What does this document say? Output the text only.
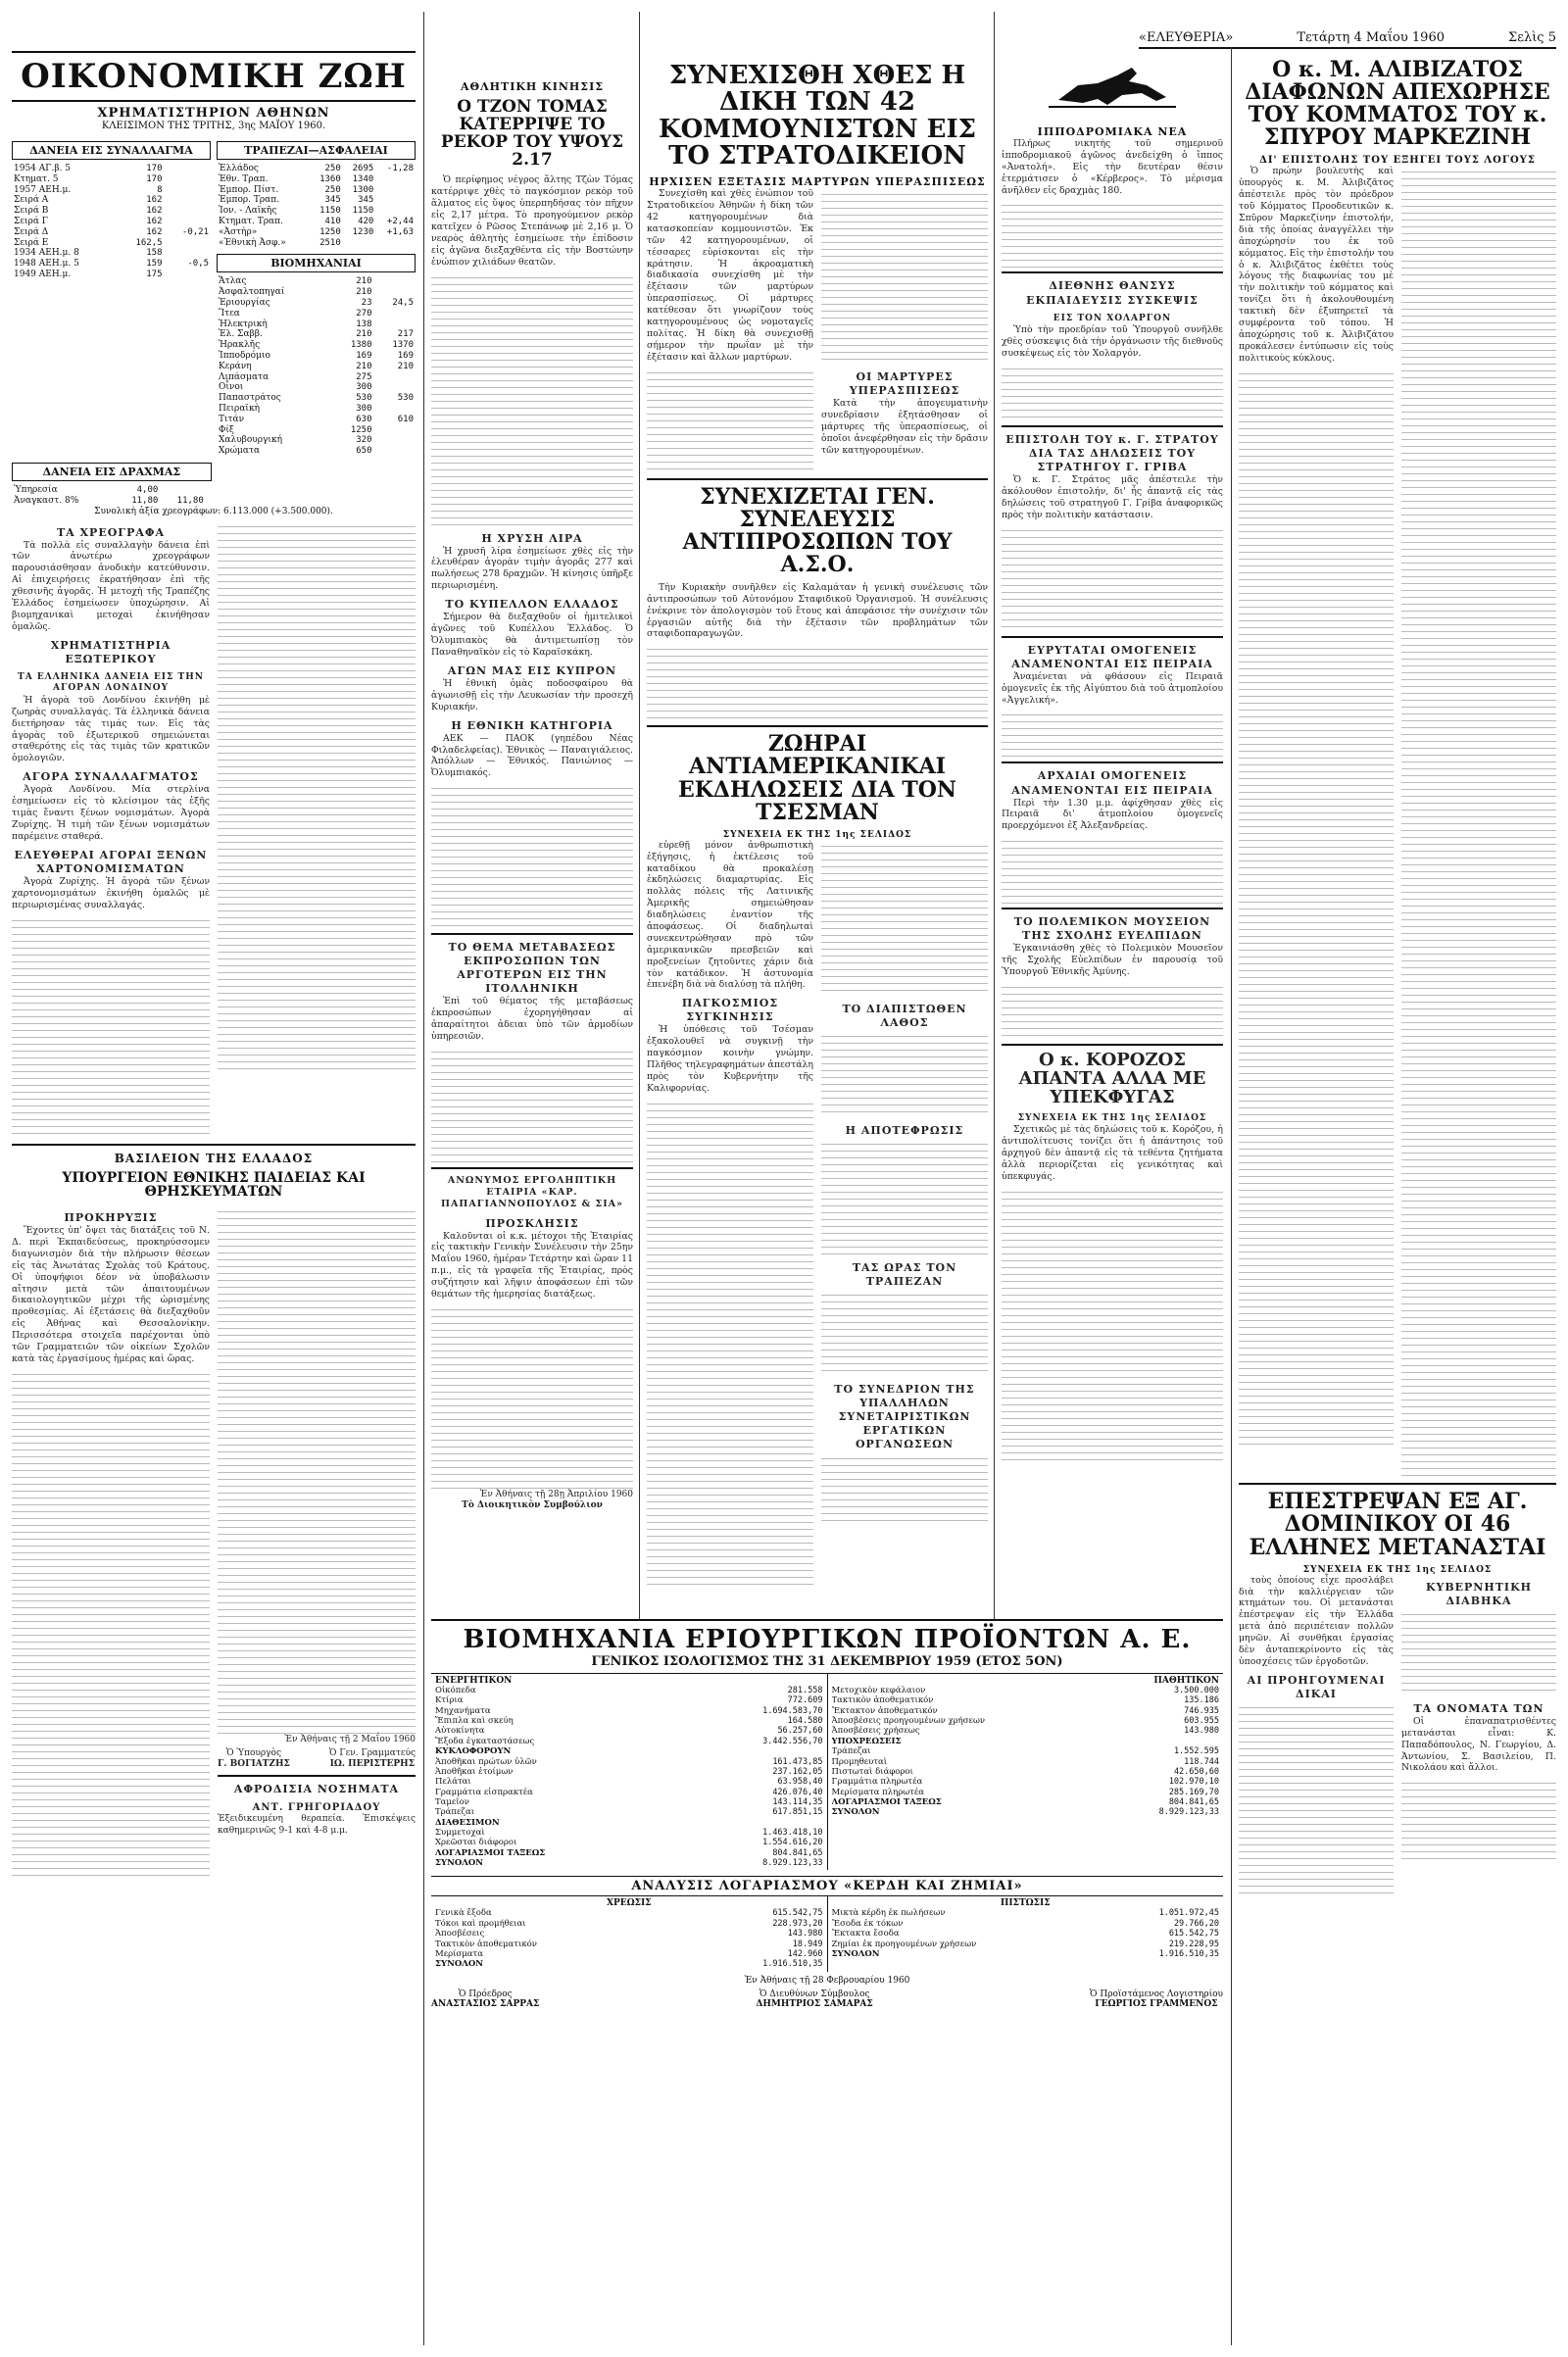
«ΕΛΕΥΘΕΡΙΑ»	Τετάρτη 4 Μαΐου 1960	Σελὶς 5
ΟΙΚΟΝΟΜΙΚΗ ΖΩΗ
ΧΡΗΜΑΤΙΣΤΗΡΙΟΝ ΑΘΗΝΩΝ
ΚΛΕΙΣΙΜΟΝ ΤΗΣ ΤΡΙΤΗΣ, 3ης ΜΑΪΟΥ 1960.
ΔΑΝΕΙΑ ΕΙΣ ΣΥΝΑΛΛΑΓΜΑ
1954 ΑΓ.β. 5	170	
Κτηματ. 5	170	
1957 ΑΕΗ.μ.	8	
Σειρά Α	162	
Σειρά Β	162	
Σειρά Γ	162	
Σειρά Δ	162	-0,21
Σειρά Ε	162,5	
1934 ΑΕΗ.μ. 8	158	
1948 ΑΕΗ.μ. 5	159	-0,5
1949 ΑΕΗ.μ.	175	
ΤΡΑΠΕΖΑΙ—ΑΣΦΑΛΕΙΑΙ
Ἑλλάδος	250	2695	-1,28
Ἐθν. Τραπ.	1360	1340	
Ἐμπορ. Πίστ.	250	1300	
Ἐμπορ. Τραπ.	345	345	
Ἰον. - Λαϊκῆς	1150	1150	
Κτηματ. Τραπ.	410	420	+2,44
«Ἀστὴρ»	1250	1230	+1,63
«Ἐθνικὴ Ἀσφ.»	2510		
ΒΙΟΜΗΧΑΝΙΑΙ
Ἄτλας	210	
Ἀσφαλτοπηγαί	210	
Ἐριουργίας	23	24,5
Ἴτεα	270	
Ἡλεκτρικὴ	138	
Ἐλ. Σαββ.	210	217
Ἠρακλῆς	1380	1370
Ἰπποδρόμιο	169	169
Κεράνη	210	210
Λιπάσματα	275	
Οἶνοι	300	
Παπαστράτος	530	530
Πειραϊκὴ	300	
Τιτάν	630	610
Φίξ	1250	
Χαλυβουργική	320	
Χρώματα	650	
ΔΑΝΕΙΑ ΕΙΣ ΔΡΑΧΜΑΣ
Ὑπηρεσία	4,00	
Ἀναγκαστ. 8%	11,80	11,80
Συνολικὴ ἀξία χρεογράφων: 6.113.000 (+3.500.000).
ΤΑ ΧΡΕΟΓΡΑΦΑ

Τὰ πολλὰ εἰς συναλλαγὴν δάνεια ἐπὶ τῶν ἀνωτέρω χρεογράφων παρουσιάσθησαν ἀνοδικὴν κατεύθυνσιν. Αἱ ἐπιχειρήσεις ἐκρατήθησαν ἐπὶ τῆς χθεσινῆς ἀγορᾶς. Ἡ μετοχὴ τῆς Τραπέζης Ἑλλάδος ἐσημείωσεν ὑποχώρησιν. Αἱ βιομηχανικαὶ μετοχαὶ ἐκινήθησαν ὁμαλῶς.

ΧΡΗΜΑΤΙΣΤΗΡΙΑ ΕΞΩΤΕΡΙΚΟΥ
ΤΑ ΕΛΛΗΝΙΚΑ ΔΑΝΕΙΑ ΕΙΣ ΤΗΝ ΑΓΟΡΑΝ ΛΟΝΔΙΝΟΥ

Ἡ ἀγορὰ τοῦ Λονδίνου ἐκινήθη μὲ ζωηρὰς συναλλαγάς. Τὰ ἑλληνικὰ δάνεια διετήρησαν τὰς τιμάς των. Εἰς τὰς ἀγορὰς τοῦ ἐξωτερικοῦ σημειώνεται σταθερότης εἰς τὰς τιμὰς τῶν κρατικῶν ὁμολογιῶν.

ΑΓΟΡΑ ΣΥΝΑΛΛΑΓΜΑΤΟΣ

Ἀγορὰ Λονδίνου. Μία στερλίνα ἐσημείωσεν εἰς τὸ κλείσιμον τὰς ἑξῆς τιμὰς ἔναντι ξένων νομισμάτων. Ἀγορὰ Ζυρίχης. Ἡ τιμὴ τῶν ξένων νομισμάτων παρέμεινε σταθερά.

ΕΛΕΥΘΕΡΑΙ ΑΓΟΡΑΙ ΞΕΝΩΝ ΧΑΡΤΟΝΟΜΙΣΜΑΤΩΝ

Ἀγορὰ Ζυρίχης. Ἡ ἀγορὰ τῶν ξένων χαρτονομισμάτων ἐκινήθη ὁμαλῶς μὲ περιωρισμένας συναλλαγάς.

ΒΑΣΙΛΕΙΟΝ ΤΗΣ ΕΛΛΑΔΟΣ
ΥΠΟΥΡΓΕΙΟΝ ΕΘΝΙΚΗΣ ΠΑΙΔΕΙΑΣ ΚΑΙ ΘΡΗΣΚΕΥΜΑΤΩΝ
ΠΡΟΚΗΡΥΞΙΣ

Ἔχοντες ὑπ' ὄψει τὰς διατάξεις τοῦ Ν. Δ. περὶ Ἐκπαιδεύσεως, προκηρύσσομεν διαγωνισμὸν διὰ τὴν πλήρωσιν θέσεων εἰς τὰς Ἀνωτάτας Σχολὰς τοῦ Κράτους. Οἱ ὑποψήφιοι δέον νὰ ὑποβάλωσιν αἴτησιν μετὰ τῶν ἀπαιτουμένων δικαιολογητικῶν μέχρι τῆς ὡρισμένης προθεσμίας. Αἱ ἐξετάσεις θὰ διεξαχθοῦν εἰς Ἀθήνας καὶ Θεσσαλονίκην. Περισσότερα στοιχεῖα παρέχονται ὑπὸ τῶν Γραμματειῶν τῶν οἰκείων Σχολῶν κατὰ τὰς ἐργασίμους ἡμέρας καὶ ὥρας.

Ἐν Ἀθήναις τῇ 2 Μαΐου 1960
Ὁ Ὑπουργὸς
Γ. ΒΟΓΙΑΤΖΗΣ
Ὁ Γεν. Γραμματεύς
ΙΩ. ΠΕΡΙΣΤΕΡΗΣ
ΑΦΡΟΔΙΣΙΑ ΝΟΣΗΜΑΤΑ
ΑΝΤ. ΓΡΗΓΟΡΙΑΔΟΥ

Ἐξειδικευμένη θεραπεία. Ἐπισκέψεις καθημερινῶς 9-1 καὶ 4-8 μ.μ.

ΑΘΛΗΤΙΚΗ ΚΙΝΗΣΙΣ
Ο ΤΖΟΝ ΤΟΜΑΣ ΚΑΤΕΡΡΙΨΕ ΤΟ ΡΕΚΟΡ ΤΟΥ ΥΨΟΥΣ 2.17

Ὁ περίφημος νέγρος ἅλτης Τζὼν Τόμας κατέρριψε χθὲς τὸ παγκόσμιον ρεκὸρ τοῦ ἅλματος εἰς ὕψος ὑπερπηδήσας τὸν πῆχυν εἰς 2,17 μέτρα. Τὸ προηγούμενον ρεκὸρ κατεῖχεν ὁ Ρῶσος Στεπάνωφ μὲ 2,16 μ. Ὁ νεαρὸς ἀθλητὴς ἐσημείωσε τὴν ἐπίδοσιν εἰς ἀγῶνα διεξαχθέντα εἰς τὴν Βοστώνην ἐνώπιον χιλιάδων θεατῶν.

Η ΧΡΥΣΗ ΛΙΡΑ

Ἡ χρυσῆ λίρα ἐσημείωσε χθὲς εἰς τὴν ἐλευθέραν ἀγορὰν τιμὴν ἀγορᾶς 277 καὶ πωλήσεως 278 δραχμῶν. Ἡ κίνησις ὑπῆρξε περιωρισμένη.

ΤΟ ΚΥΠΕΛΛΟΝ ΕΛΛΑΔΟΣ

Σήμερον θὰ διεξαχθοῦν οἱ ἡμιτελικοὶ ἀγῶνες τοῦ Κυπέλλου Ἑλλάδος. Ὁ Ὀλυμπιακὸς θὰ ἀντιμετωπίσῃ τὸν Παναθηναϊκὸν εἰς τὸ Καραϊσκάκη.

ΑΓΩΝ ΜΑΣ ΕΙΣ ΚΥΠΡΟΝ

Ἡ ἐθνικὴ ὁμὰς ποδοσφαίρου θὰ ἀγωνισθῇ εἰς τὴν Λευκωσίαν τὴν προσεχῆ Κυριακήν.

Η ΕΘΝΙΚΗ ΚΑΤΗΓΟΡΙΑ

ΑΕΚ — ΠΑΟΚ (γηπέδου Νέας Φιλαδελφείας). Ἐθνικὸς — Παναιγιάλειος. Ἀπόλλων — Ἐθνικός. Πανιώνιος — Ὀλυμπιακός.

ΤΟ ΘΕΜΑ ΜΕΤΑΒΑΣΕΩΣ ΕΚΠΡΟΣΩΠΩΝ ΤΩΝ ΑΡΓΟΤΕΡΩΝ ΕΙΣ ΤΗΝ ΙΤΟΛΛΗΝΙΚΗ

Ἐπὶ τοῦ θέματος τῆς μεταβάσεως ἐκπροσώπων ἐχορηγήθησαν αἱ ἀπαραίτητοι ἀδειαι ὑπὸ τῶν ἁρμοδίων ὑπηρεσιῶν.

ΑΝΩΝΥΜΟΣ ΕΡΓΟΛΗΠΤΙΚΗ ΕΤΑΙΡΙΑ «ΚΑΡ. ΠΑΠΑΓΙΑΝΝΟΠΟΥΛΟΣ & ΣΙΑ»
ΠΡΟΣΚΛΗΣΙΣ

Καλοῦνται οἱ κ.κ. μέτοχοι τῆς Ἑταιρίας εἰς τακτικὴν Γενικὴν Συνέλευσιν τὴν 25ην Μαΐου 1960, ἡμέραν Τετάρτην καὶ ὥραν 11 π.μ., εἰς τὰ γραφεῖα τῆς Ἑταιρίας, πρὸς συζήτησιν καὶ λῆψιν ἀποφάσεων ἐπὶ τῶν θεμάτων τῆς ἡμερησίας διατάξεως.

Ἐν Ἀθήναις τῇ 28ῃ Ἀπριλίου 1960
Τὸ Διοικητικὸν Συμβούλιον
ΣΥΝΕΧΙΣΘΗ ΧΘΕΣ Η ΔΙΚΗ ΤΩΝ 42 ΚΟΜΜΟΥΝΙΣΤΩΝ ΕΙΣ ΤΟ ΣΤΡΑΤΟΔΙΚΕΙΟΝ
ΗΡΧΙΣΕΝ ΕΞΕΤΑΣΙΣ ΜΑΡΤΥΡΩΝ ΥΠΕΡΑΣΠΙΣΕΩΣ

Συνεχίσθη καὶ χθὲς ἐνώπιον τοῦ Στρατοδικείου Ἀθηνῶν ἡ δίκη τῶν 42 κατηγορουμένων διὰ κατασκοπείαν κομμουνιστῶν. Ἐκ τῶν 42 κατηγορουμένων, οἱ τέσσαρες εὑρίσκονται εἰς τὴν κράτησιν. Ἡ ἀκροαματικὴ διαδικασία συνεχίσθη μὲ τὴν ἐξέτασιν τῶν μαρτύρων ὑπερασπίσεως. Οἱ μάρτυρες κατέθεσαν ὅτι γνωρίζουν τοὺς κατηγορουμένους ὡς νομοταγεῖς πολίτας. Ἡ δίκη θὰ συνεχισθῇ σήμερον τὴν πρωΐαν μὲ τὴν ἐξέτασιν καὶ ἄλλων μαρτύρων.

ΟΙ ΜΑΡΤΥΡΕΣ ΥΠΕΡΑΣΠΙΣΕΩΣ

Κατὰ τὴν ἀπογευματινὴν συνεδρίασιν ἐξητάσθησαν οἱ μάρτυρες τῆς ὑπερασπίσεως, οἱ ὁποῖοι ἀνεφέρθησαν εἰς τὴν δρᾶσιν τῶν κατηγορουμένων.

ΣΥΝΕΧΙΖΕΤΑΙ ΓΕΝ. ΣΥΝΕΛΕΥΣΙΣ ΑΝΤΙΠΡΟΣΩΠΩΝ ΤΟΥ Α.Σ.Ο.

Τὴν Κυριακὴν συνῆλθεν εἰς Καλαμάταν ἡ γενικὴ συνέλευσις τῶν ἀντιπροσώπων τοῦ Αὐτονόμου Σταφιδικοῦ Ὀργανισμοῦ. Ἡ συνέλευσις ἐνέκρινε τὸν ἀπολογισμὸν τοῦ ἔτους καὶ ἀπεφάσισε τὴν συνέχισιν τῶν ἐργασιῶν αὐτῆς διὰ τὴν ἐξέτασιν τῶν προβλημάτων τῶν σταφιδοπαραγωγῶν.

ΖΩΗΡΑΙ ΑΝΤΙΑΜΕΡΙΚΑΝΙΚΑΙ ΕΚΔΗΛΩΣΕΙΣ ΔΙΑ ΤΟΝ ΤΣΕΣΜΑΝ
ΣΥΝΕΧΕΙΑ ΕΚ ΤΗΣ 1ης ΣΕΛΙΔΟΣ

εὑρεθῇ μόνον ἀνθρωπιστικὴ ἐξήγησις, ἡ ἐκτέλεσις τοῦ καταδίκου θὰ προκαλέσῃ ἐκδηλώσεις διαμαρτυρίας. Εἰς πολλὰς πόλεις τῆς Λατινικῆς Ἀμερικῆς σημειώθησαν διαδηλώσεις ἐναντίον τῆς ἀποφάσεως. Οἱ διαδηλωταὶ συνεκεντρώθησαν πρὸ τῶν ἀμερικανικῶν πρεσβειῶν καὶ προξενείων ζητοῦντες χάριν διὰ τὸν κατάδικον. Ἡ ἀστυνομία ἐπενέβη διὰ νὰ διαλύσῃ τὰ πλήθη.

ΠΑΓΚΟΣΜΙΟΣ ΣΥΓΚΙΝΗΣΙΣ

Ἡ ὑπόθεσις τοῦ Τσέσμαν ἐξακολουθεῖ νὰ συγκινῇ τὴν παγκόσμιον κοινὴν γνώμην. Πλῆθος τηλεγραφημάτων ἀπεστάλη πρὸς τὸν Κυβερνήτην τῆς Καλιφορνίας.

ΤΟ ΔΙΑΠΙΣΤΩΘΕΝ ΛΑΘΟΣ
Η ΑΠΟΤΕΦΡΩΣΙΣ
ΤΑΣ ΩΡΑΣ ΤΟΝ ΤΡΑΠΕΖΑΝ
ΤΟ ΣΥΝΕΔΡΙΟΝ ΤΗΣ ΥΠΑΛΛΗΛΩΝ ΣΥΝΕΤΑΙΡΙΣΤΙΚΩΝ ΕΡΓΑΤΙΚΩΝ ΟΡΓΑΝΩΣΕΩΝ
ΙΠΠΟΔΡΟΜΙΑΚΑ ΝΕΑ

Πλήρως νικητὴς τοῦ σημερινοῦ ἱπποδρομιακοῦ ἀγῶνος ἀνεδείχθη ὁ ἵππος «Ἀνατολή». Εἰς τὴν δευτέραν θέσιν ἐτερμάτισεν ὁ «Κέρβερος». Τὸ μέρισμα ἀνῆλθεν εἰς δραχμὰς 180.

ΔΙΕΘΝΗΣ ΘΑΝΣΥΣ ΕΚΠΑΙΔΕΥΣΙΣ ΣΥΣΚΕΨΙΣ
ΕΙΣ ΤΟΝ ΧΟΛΑΡΓΟΝ

Ὑπὸ τὴν προεδρίαν τοῦ Ὑπουργοῦ συνῆλθε χθὲς σύσκεψις διὰ τὴν ὀργάνωσιν τῆς διεθνοῦς συσκέψεως εἰς τὸν Χολαργόν.

ΕΠΙΣΤΟΛΗ ΤΟΥ κ. Γ. ΣΤΡΑΤΟΥ ΔΙΑ ΤΑΣ ΔΗΛΩΣΕΙΣ ΤΟΥ ΣΤΡΑΤΗΓΟΥ Γ. ΓΡΙΒΑ

Ὁ κ. Γ. Στράτος μᾶς ἀπέστειλε τὴν ἀκόλουθον ἐπιστολήν, δι' ἧς ἀπαντᾷ εἰς τὰς δηλώσεις τοῦ στρατηγοῦ Γ. Γρίβα ἀναφορικῶς πρὸς τὴν πολιτικὴν κατάστασιν.

ΕΥΡΥΤΑΤΑΙ ΟΜΟΓΕΝΕΙΣ ΑΝΑΜΕΝΟΝΤΑΙ ΕΙΣ ΠΕΙΡΑΙΑ

Ἀναμένεται νὰ φθάσουν εἰς Πειραιᾶ ὁμογενεῖς ἐκ τῆς Αἰγύπτου διὰ τοῦ ἀτμοπλοίου «Ἀγγελική».

ΑΡΧΑΙΑΙ ΟΜΟΓΕΝΕΙΣ ΑΝΑΜΕΝΟΝΤΑΙ ΕΙΣ ΠΕΙΡΑΙΑ

Περὶ τὴν 1.30 μ.μ. ἀφίχθησαν χθὲς εἰς Πειραιᾶ δι' ἀτμοπλοίου ὁμογενεῖς προερχόμενοι ἐξ Ἀλεξανδρείας.

ΤΟ ΠΟΛΕΜΙΚΟΝ ΜΟΥΣΕΙΟΝ ΤΗΣ ΣΧΟΛΗΣ ΕΥΕΛΠΙΔΩΝ

Ἐγκαινιάσθη χθὲς τὸ Πολεμικὸν Μουσεῖον τῆς Σχολῆς Εὐελπίδων ἐν παρουσίᾳ τοῦ Ὑπουργοῦ Ἐθνικῆς Ἀμύνης.

Ο κ. ΚΟΡΟΖΟΣ ΑΠΑΝΤΑ ΑΛΛΑ ΜΕ ΥΠΕΚΦΥΓΑΣ
ΣΥΝΕΧΕΙΑ ΕΚ ΤΗΣ 1ης ΣΕΛΙΔΟΣ

Σχετικῶς μὲ τὰς δηλώσεις τοῦ κ. Κορόζου, ἡ ἀντιπολίτευσις τονίζει ὅτι ἡ ἀπάντησις τοῦ ἀρχηγοῦ δὲν ἀπαντᾷ εἰς τὰ τεθέντα ζητήματα ἀλλὰ περιορίζεται εἰς γενικότητας καὶ ὑπεκφυγάς.

Ο κ. Μ. ΑΛΙΒΙΖΑΤΟΣ ΔΙΑΦΩΝΩΝ ΑΠΕΧΩΡΗΣΕ ΤΟΥ ΚΟΜΜΑΤΟΣ ΤΟΥ κ. ΣΠΥΡΟΥ ΜΑΡΚΕΖΙΝΗ
ΔΙ' ΕΠΙΣΤΟΛΗΣ ΤΟΥ ΕΞΗΓΕΙ ΤΟΥΣ ΛΟΓΟΥΣ

Ὁ πρώην βουλευτὴς καὶ ὑπουργὸς κ. Μ. Ἀλιβιζᾶτος ἀπέστειλε πρὸς τὸν πρόεδρον τοῦ Κόμματος Προοδευτικῶν κ. Σπῦρον Μαρκεζίνην ἐπιστολήν, διὰ τῆς ὁποίας ἀναγγέλλει τὴν ἀποχώρησίν του ἐκ τοῦ κόμματος. Εἰς τὴν ἐπιστολήν του ὁ κ. Ἀλιβιζᾶτος ἐκθέτει τοὺς λόγους τῆς διαφωνίας του μὲ τὴν πολιτικὴν τοῦ κόμματος καὶ τονίζει ὅτι ἡ ἀκολουθουμένη τακτικὴ δὲν ἐξυπηρετεῖ τὰ συμφέροντα τοῦ τόπου. Ἡ ἀποχώρησις τοῦ κ. Ἀλιβιζάτου προκάλεσεν ἐντύπωσιν εἰς τοὺς πολιτικοὺς κύκλους.

ΕΠΕΣΤΡΕΨΑΝ ΕΞ ΑΓ. ΔΟΜΙΝΙΚΟΥ ΟΙ 46 ΕΛΛΗΝΕΣ ΜΕΤΑΝΑΣΤΑΙ
ΣΥΝΕΧΕΙΑ ΕΚ ΤΗΣ 1ης ΣΕΛΙΔΟΣ

τοὺς ὁποίους εἶχε προσλάβει διὰ τὴν καλλιέργειαν τῶν κτημάτων του. Οἱ μετανάσται ἐπέστρεψαν εἰς τὴν Ἑλλάδα μετὰ ἀπὸ περιπέτειαν πολλῶν μηνῶν. Αἱ συνθῆκαι ἐργασίας δὲν ἀνταπεκρίνοντο εἰς τὰς ὑποσχέσεις τῶν ἐργοδοτῶν.

ΑΙ ΠΡΟΗΓΟΥΜΕΝΑΙ ΔΙΚΑΙ
ΚΥΒΕΡΝΗΤΙΚΗ ΔΙΑΒΗΚΑ
ΤΑ ΟΝΟΜΑΤΑ ΤΩΝ

Οἱ ἐπαναπατρισθέντες μετανάσται εἶναι: Κ. Παπαδόπουλος, Ν. Γεωργίου, Δ. Ἀντωνίου, Σ. Βασιλείου, Π. Νικολάου καὶ ἄλλοι.

ΒΙΟΜΗΧΑΝΙΑ ΕΡΙΟΥΡΓΙΚΩΝ ΠΡΟΪΟΝΤΩΝ Α. Ε.
ΓΕΝΙΚΟΣ ΙΣΟΛΟΓΙΣΜΟΣ ΤΗΣ 31 ΔΕΚΕΜΒΡΙΟΥ 1959 (ΕΤΟΣ 5ΟΝ)
ΕΝΕΡΓΗΤΙΚΟΝ
Οἰκόπεδα	281.558
Κτίρια	772.609
Μηχανήματα	1.694.583,70
Ἔπιπλα καὶ σκεύη	164.580
Αὐτοκίνητα	56.257,60
Ἔξοδα ἐγκαταστάσεως	3.442.556,70
ΚΥΚΛΟΦΟΡΟΥΝ
Ἀποθῆκαι πρώτων ὑλῶν	161.473,85
Ἀποθῆκαι ἑτοίμων	237.162,05
Πελάται	63.958,40
Γραμμάτια εἰσπρακτέα	426.076,40
Ταμεῖον	143.114,35
Τράπεζαι	617.851,15
ΔΙΑΘΕΣΙΜΟΝ
Συμμετοχαὶ	1.463.418,10
Χρεῶσται διάφοροι	1.554.616,20
ΛΟΓΑΡΙΑΣΜΟΙ ΤΑΞΕΩΣ	804.841,65
ΣΥΝΟΛΟΝ	8.929.123,33
ΠΑΘΗΤΙΚΟΝ
Μετοχικὸν κεφάλαιον	3.500.000
Τακτικὸν ἀποθεματικόν	135.186
Ἔκτακτον ἀποθεματικόν	746.935
Ἀποσβέσεις προηγουμένων χρήσεων	603.955
Ἀποσβέσεις χρήσεως	143.980
ΥΠΟΧΡΕΩΣΕΙΣ
Τράπεζαι	1.552.595
Προμηθευταὶ	118.744
Πιστωταὶ διάφοροι	42.650,60
Γραμμάτια πληρωτέα	102.970,10
Μερίσματα πληρωτέα	285.169,70
ΛΟΓΑΡΙΑΣΜΟΙ ΤΑΞΕΩΣ	804.841,65
ΣΥΝΟΛΟΝ	8.929.123,33
ΑΝΑΛΥΣΙΣ ΛΟΓΑΡΙΑΣΜΟΥ «ΚΕΡΔΗ ΚΑΙ ΖΗΜΙΑΙ»
ΧΡΕΩΣΙΣ
Γενικὰ ἔξοδα	615.542,75
Τόκοι καὶ προμήθειαι	228.973,20
Ἀποσβέσεις	143.980
Τακτικὸν ἀποθεματικόν	18.949
Μερίσματα	142.960
ΣΥΝΟΛΟΝ	1.916.510,35
ΠΙΣΤΩΣΙΣ
Μικτὰ κέρδη ἐκ πωλήσεων	1.051.972,45
Ἔσοδα ἐκ τόκων	29.766,20
Ἔκτακτα ἔσοδα	615.542,75
Ζημίαι ἐκ προηγουμένων χρήσεων	219.228,95
ΣΥΝΟΛΟΝ	1.916.510,35
Ἐν Ἀθήναις τῇ 28 Φεβρουαρίου 1960
Ὁ Πρόεδρος
ΑΝΑΣΤΑΣΙΟΣ ΣΑΡΡΑΣ
Ὁ Διευθύνων Σύμβουλος
ΔΗΜΗΤΡΙΟΣ ΣΑΜΑΡΑΣ
Ὁ Προϊστάμενος Λογιστηρίου
ΓΕΩΡΓΙΟΣ ΓΡΑΜΜΕΝΟΣ
